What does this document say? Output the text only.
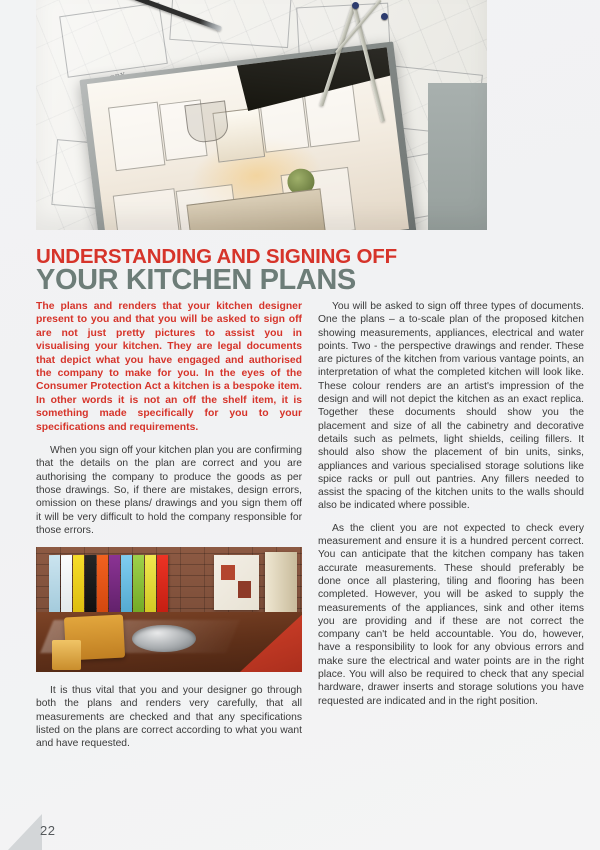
UNDERSTANDING AND SIGNING OFF
YOUR KITCHEN PLANS

The plans and renders that your kitchen designer present to you and that you will be asked to sign off are not just pretty pictures to assist you in visualising your kitchen. They are legal documents that depict what you have engaged and authorised the company to make for you. In the eyes of the Consumer Protection Act a kitchen is a bespoke item. In other words it is not an off the shelf item, it is something made specifically for you to your specifications and requirements.

When you sign off your kitchen plan you are confirming that the details on the plan are correct and you are authorising the company to produce the goods as per those drawings. So, if there are mistakes, design errors, omission on these plans/ drawings and you sign them off it will be very difficult to hold the company responsible for those errors.

It is thus vital that you and your designer go through both the plans and renders very carefully, that all measurements are checked and that any specifications listed on the plans are correct according to what you want and have requested.

You will be asked to sign off three types of documents. One the plans – a to-scale plan of the proposed kitchen showing measurements, appliances, electrical and water points. Two - the perspective drawings and render. These are pictures of the kitchen from various vantage points, an interpretation of what the completed kitchen will look like. These colour renders are an artist's impression of the design and will not depict the kitchen as an exact replica. Together these documents should show you the placement and size of all the cabinetry and decorative details such as pelmets, light shields, ceiling fillers. It should also show the placement of bin units, sinks, appliances and various specialised storage solutions like spice racks or pull out pantries. Any fillers needed to assist the spacing of the kitchen units to the walls should also be indicated where possible.

As the client you are not expected to check every measurement and ensure it is a hundred percent correct. You can anticipate that the kitchen company has taken accurate measurements. These should preferably be done once all plastering, tiling and flooring has been completed. However, you will be asked to supply the measurements of the appliances, sink and other items you are providing and if these are not correct the company can't be held accountable. You do, however, have a responsibility to look for any obvious errors and make sure the electrical and water points are in the right place. You will also be required to check that any special hardware, drawer inserts and storage solutions you have requested are indicated and in the right position.

22
